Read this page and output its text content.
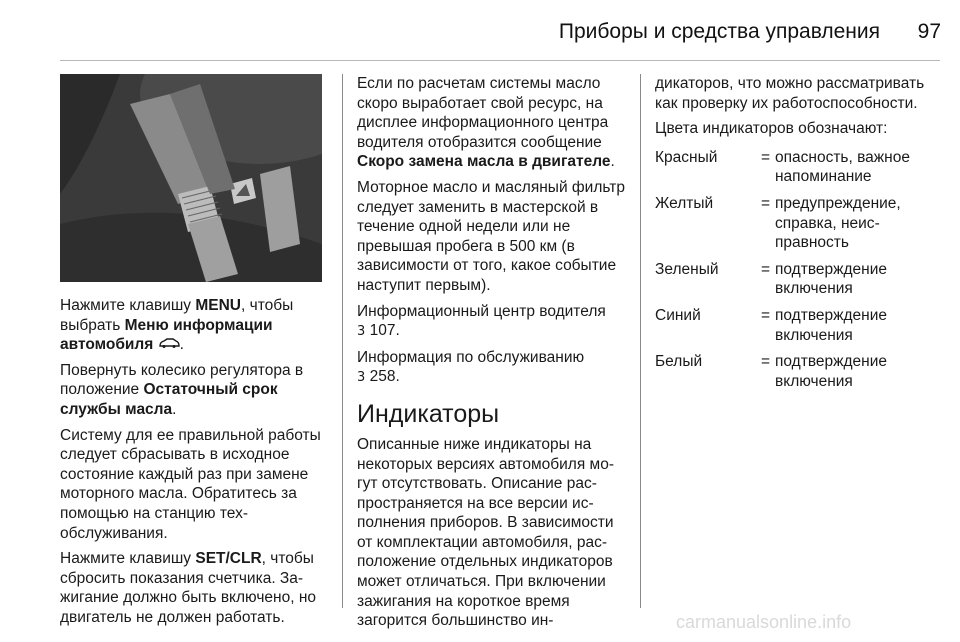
Приборы и средства управления	97

Нажмите клавишу MENU, чтобы выбрать Меню информации автомобиля .

Повернуть колесико регулятора в положение Остаточный срок службы масла.

Систему для ее правильной работы следует сбрасывать в исходное состояние каждый раз при замене моторного масла. Обратитесь за помощью на станцию техобслуживания.

Нажмите клавишу SET/CLR, чтобы сбросить показания счетчика. Зажигание должно быть включено, но двигатель не должен работать.

Если по расчетам системы масло скоро выработает свой ресурс, на дисплее информационного центра водителя отобразится сообщение Скоро замена масла в двигателе.

Моторное масло и масляный фильтр следует заменить в мастерской в течение одной недели или не превышая пробега в 500 км (в зависимости от того, какое событие наступит первым).

Информационный центр водителя
3 107.

Информация по обслуживанию
3 258.

Индикаторы

Описанные ниже индикаторы на некоторых версиях автомобиля могут отсутствовать. Описание распространяется на все версии исполнения приборов. В зависимости от комплектации автомобиля, расположение отдельных индикаторов может отличаться. При включении зажигания на короткое время загорится большинство ин-

дикаторов, что можно рассматривать как проверку их работоспособности.

Цвета индикаторов обозначают:

Красный	=	опасность, важное напоминание
Желтый	=	предупреждение, справка, неисправность
Зеленый	=	подтверждение включения
Синий	=	подтверждение включения
Белый	=	подтверждение включения
carmanualsonline.info
